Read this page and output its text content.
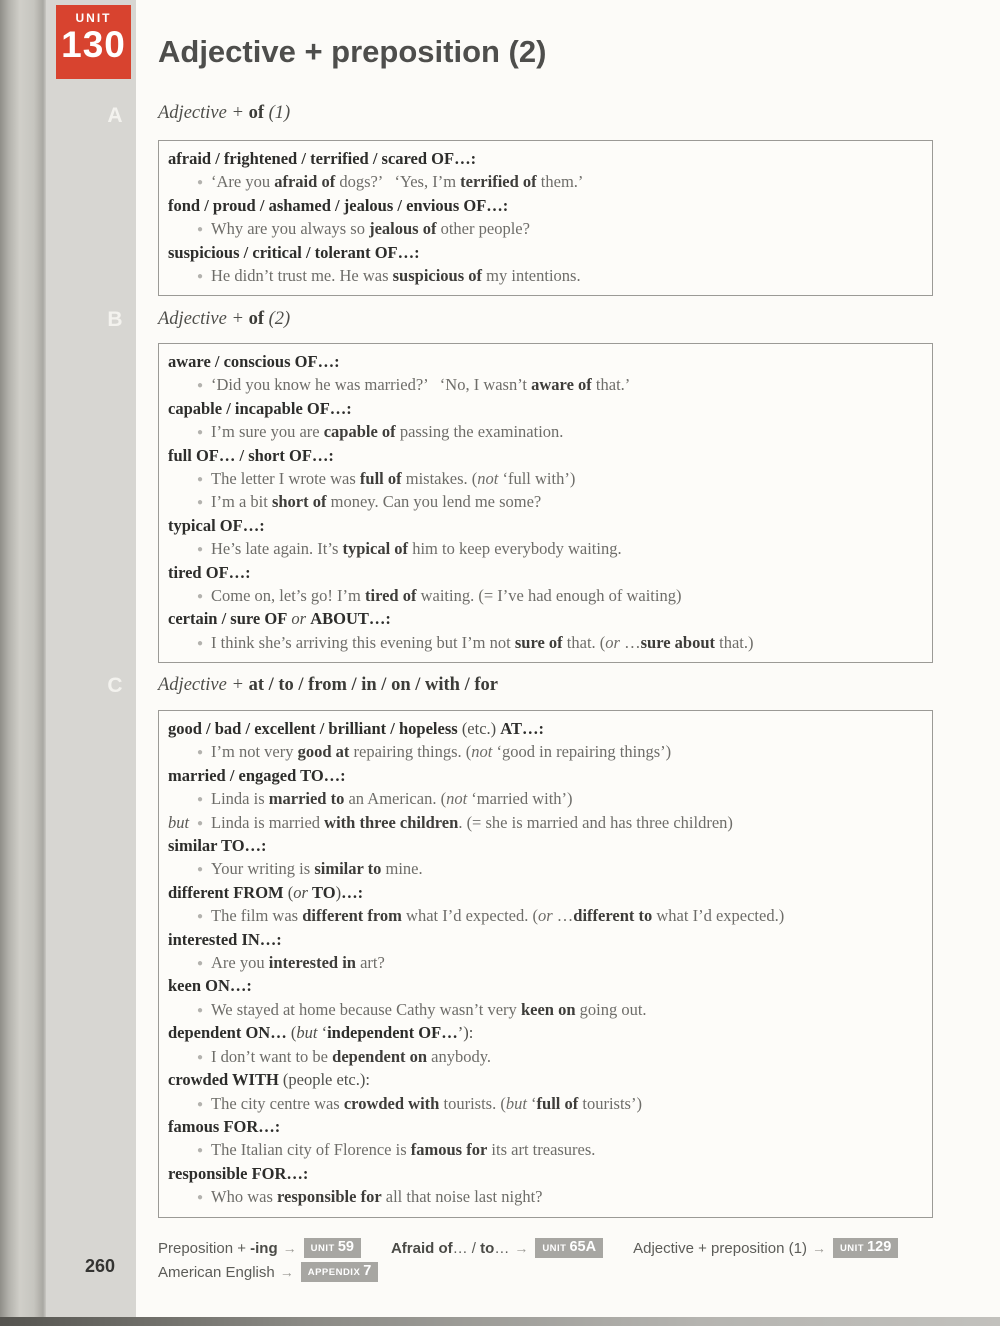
UNIT
130
A
B
C
Adjective + preposition (2)
Adjective + of (1)
afraid / frightened / terrified / scared OF…:
● ‘Are you afraid of dogs?’   ‘Yes, I’m terrified of them.’
fond / proud / ashamed / jealous / envious OF…:
● Why are you always so jealous of other people?
suspicious / critical / tolerant OF…:
● He didn’t trust me. He was suspicious of my intentions.
Adjective + of (2)
aware / conscious OF…:
● ‘Did you know he was married?’   ‘No, I wasn’t aware of that.’
capable / incapable OF…:
● I’m sure you are capable of passing the examination.
full OF… / short OF…:
● The letter I wrote was full of mistakes. (not ‘full with’)
● I’m a bit short of money. Can you lend me some?
typical OF…:
● He’s late again. It’s typical of him to keep everybody waiting.
tired OF…:
● Come on, let’s go! I’m tired of waiting. (= I’ve had enough of waiting)
certain / sure OF or ABOUT…:
● I think she’s arriving this evening but I’m not sure of that. (or …sure about that.)
Adjective + at / to / from / in / on / with / for
good / bad / excellent / brilliant / hopeless (etc.) AT…:
● I’m not very good at repairing things. (not ‘good in repairing things’)
married / engaged TO…:
● Linda is married to an American. (not ‘married with’)
but ● Linda is married with three children. (= she is married and has three children)
similar TO…:
● Your writing is similar to mine.
different FROM (or TO)…:
● The film was different from what I’d expected. (or …different to what I’d expected.)
interested IN…:
● Are you interested in art?
keen ON…:
● We stayed at home because Cathy wasn’t very keen on going out.
dependent ON… (but ‘independent OF…’):
● I don’t want to be dependent on anybody.
crowded WITH (people etc.):
● The city centre was crowded with tourists. (but ‘full of tourists’)
famous FOR…:
● The Italian city of Florence is famous for its art treasures.
responsible FOR…:
● Who was responsible for all that noise last night?
Preposition + -ing → UNIT 59 Afraid of… / to… → UNIT 65A Adjective + preposition (1) → UNIT 129
American English → APPENDIX 7
260
